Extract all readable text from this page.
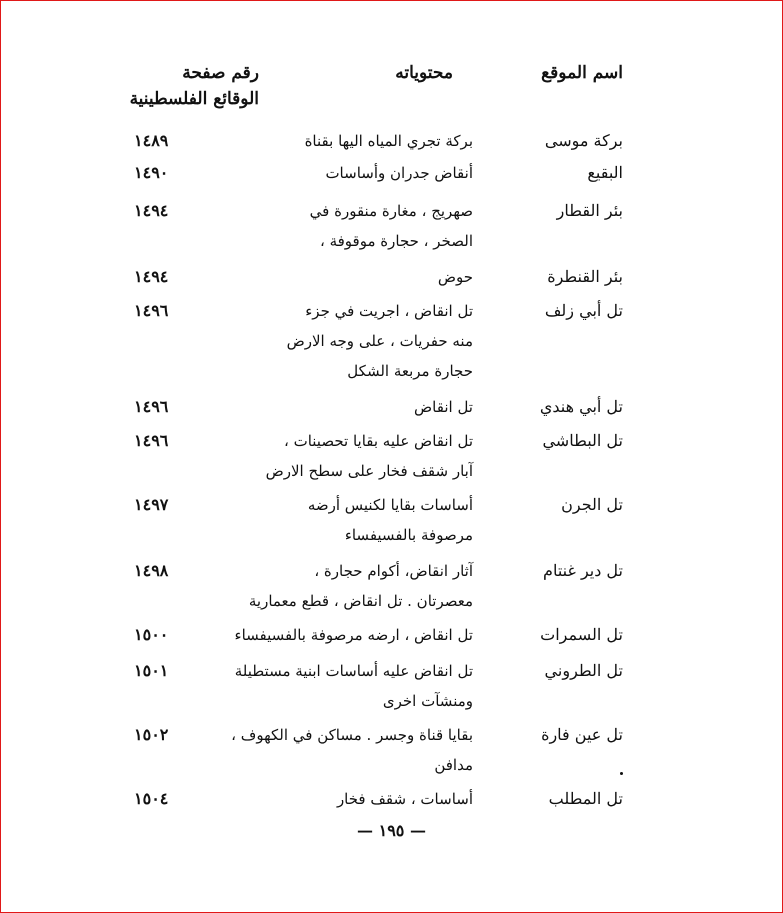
اسم الموقع
محتوياته
رقم صفحة
الوقائع الفلسطينية
بركة موسى
بركة تجري المياه اليها بقناة
١٤٨٩
البقيع
أنقاض جدران وأساسات
١٤٩٠
بئر القطار
صهريج ، مغارة منقورة في
الصخر ، حجارة موقوفة ،
١٤٩٤
بئر القنطرة
حوض
١٤٩٤
تل أبي زلف
تل انقاض ، اجريت في جزء
منه حفريات ، على وجه الارض
حجارة مربعة الشكل
١٤٩٦
تل أبي هندي
تل انقاض
١٤٩٦
تل البطاشي
تل انقاض عليه بقايا تحصينات ،
آبار شقف فخار على سطح الارض
١٤٩٦
تل الجرن
أساسات بقايا لكنيس أرضه
مرصوفة بالفسيفساء
١٤٩٧
تل دير غنتام
آثار انقاض، أكوام حجارة ،
معصرتان . تل انقاض ، قطع معمارية
١٤٩٨
تل السمرات
تل انقاض ، ارضه مرصوفة بالفسيفساء
١٥٠٠
تل الطروني
تل انقاض عليه أساسات ابنية مستطيلة
ومنشآت اخرى
١٥٠١
تل عين فارة
بقايا قناة وجسر . مساكن في الكهوف ،
مدافن
١٥٠٢
تل المطلب
أساسات ، شقف فخار
١٥٠٤
— ١٩٥ —
